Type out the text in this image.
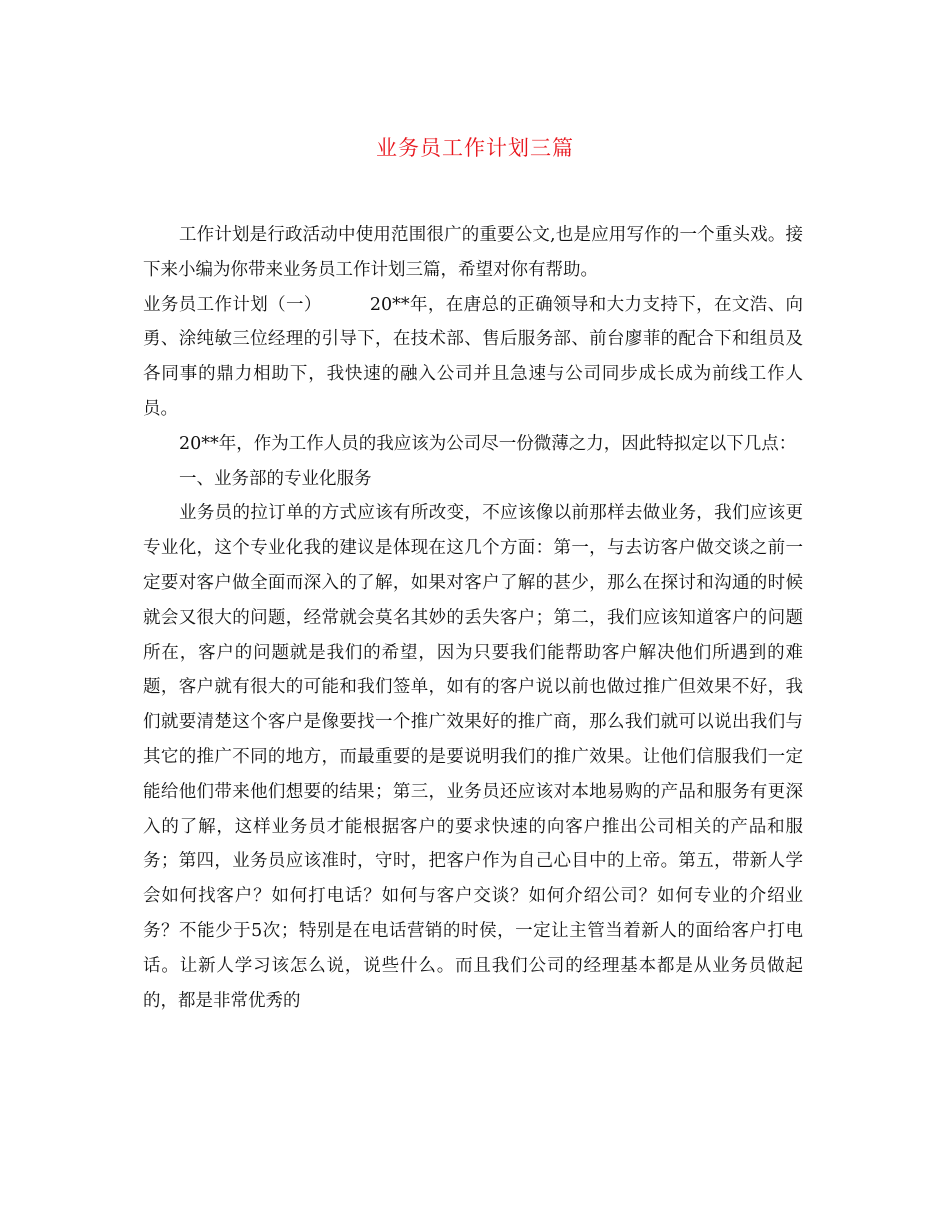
业务员工作计划三篇

工作计划是行政活动中使用范围很广的重要公文,也是应用写作的一个重头戏。接下来小编为你带来业务员工作计划三篇，希望对你有帮助。

业务员工作计划（一）	20**年，在唐总的正确领导和大力支持下，在文浩、向勇、涂纯敏三位经理的引导下，在技术部、售后服务部、前台廖菲的配合下和组员及各同事的鼎力相助下，我快速的融入公司并且急速与公司同步成长成为前线工作人员。

20**年，作为工作人员的我应该为公司尽一份微薄之力，因此特拟定以下几点：

一、业务部的专业化服务

业务员的拉订单的方式应该有所改变，不应该像以前那样去做业务，我们应该更专业化，这个专业化我的建议是体现在这几个方面：第一，与去访客户做交谈之前一定要对客户做全面而深入的了解，如果对客户了解的甚少，那么在探讨和沟通的时候就会又很大的问题，经常就会莫名其妙的丢失客户；第二，我们应该知道客户的问题所在，客户的问题就是我们的希望，因为只要我们能帮助客户解决他们所遇到的难题，客户就有很大的可能和我们签单，如有的客户说以前也做过推广但效果不好，我们就要清楚这个客户是像要找一个推广效果好的推广商，那么我们就可以说出我们与其它的推广不同的地方，而最重要的是要说明我们的推广效果。让他们信服我们一定能给他们带来他们想要的结果；第三，业务员还应该对本地易购的产品和服务有更深入的了解，这样业务员才能根据客户的要求快速的向客户推出公司相关的产品和服务；第四，业务员应该准时，守时，把客户作为自己心目中的上帝。第五，带新人学会如何找客户？如何打电话？如何与客户交谈？如何介绍公司？如何专业的介绍业务？不能少于5次；特别是在电话营销的时侯，一定让主管当着新人的面给客户打电话。让新人学习该怎么说，说些什么。而且我们公司的经理基本都是从业务员做起的，都是非常优秀的
